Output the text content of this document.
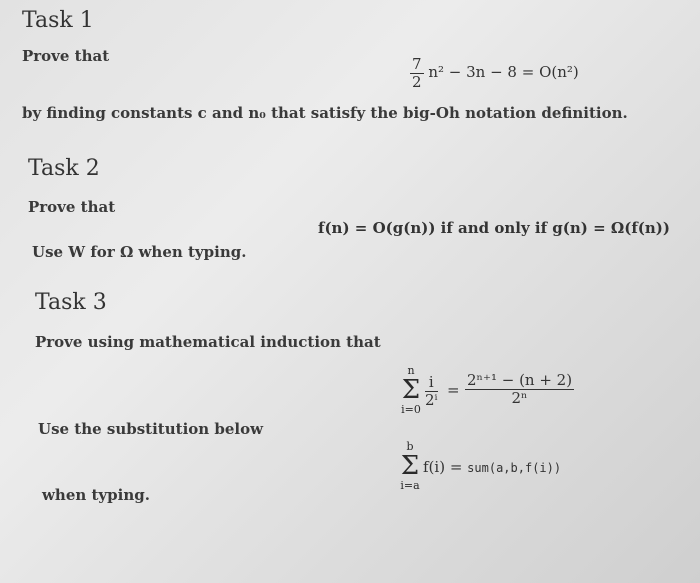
Task 1
Prove that	$\frac{7}{2} n^2 - 3n - 8 = O(n^2)$
by finding constants c and n₀ that satisfy the big-Oh notation definition.
Task 2
Prove that
f(n) = O(g(n)) if and only if g(n) = Ω(f(n))
Use W for Ω when typing.
Task 3
Prove using mathematical induction that
n
Σ
i=0
$\frac{i}{\text{2ⁱ}} = \frac{\text{2ⁿ⁺¹ − (n + 2)}}{\text{2ⁿ}}$
Use the substitution below
b
Σ
i=a
f(i) = sum(a,b,f(i))
when typing.
